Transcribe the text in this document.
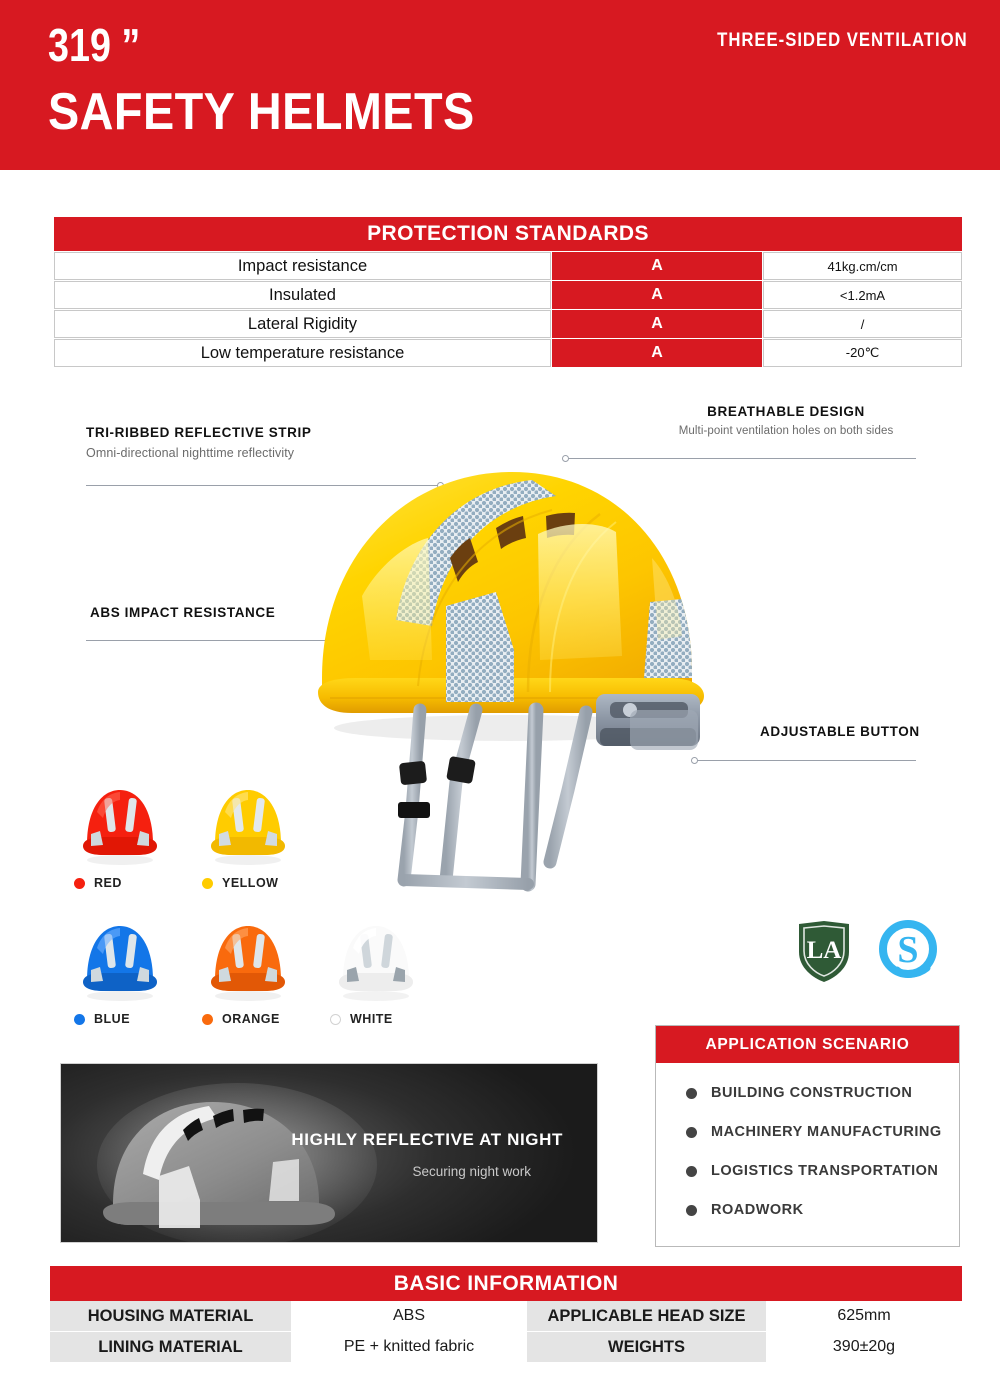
319 ”
SAFETY HELMETS
THREE-SIDED VENTILATION
PROTECTION STANDARDS
Impact resistance	A	41kg.cm/cm
Insulated	A	<1.2mA
Lateral Rigidity	A	/
Low temperature resistance	A	-20℃
TRI-RIBBED REFLECTIVE STRIP
Omni-directional nighttime reflectivity
BREATHABLE DESIGN
Multi-point ventilation holes on both sides
ABS IMPACT RESISTANCE
ADJUSTABLE BUTTON
RED	YELLOW
BLUE	ORANGE	WHITE
LA S
HIGHLY REFLECTIVE AT NIGHT
Securing night work
APPLICATION SCENARIO
BUILDING CONSTRUCTION
MACHINERY MANUFACTURING
LOGISTICS TRANSPORTATION
ROADWORK
BASIC INFORMATION
HOUSING MATERIAL	ABS	APPLICABLE HEAD SIZE	625mm
LINING MATERIAL	PE + knitted fabric	WEIGHTS	390±20g
